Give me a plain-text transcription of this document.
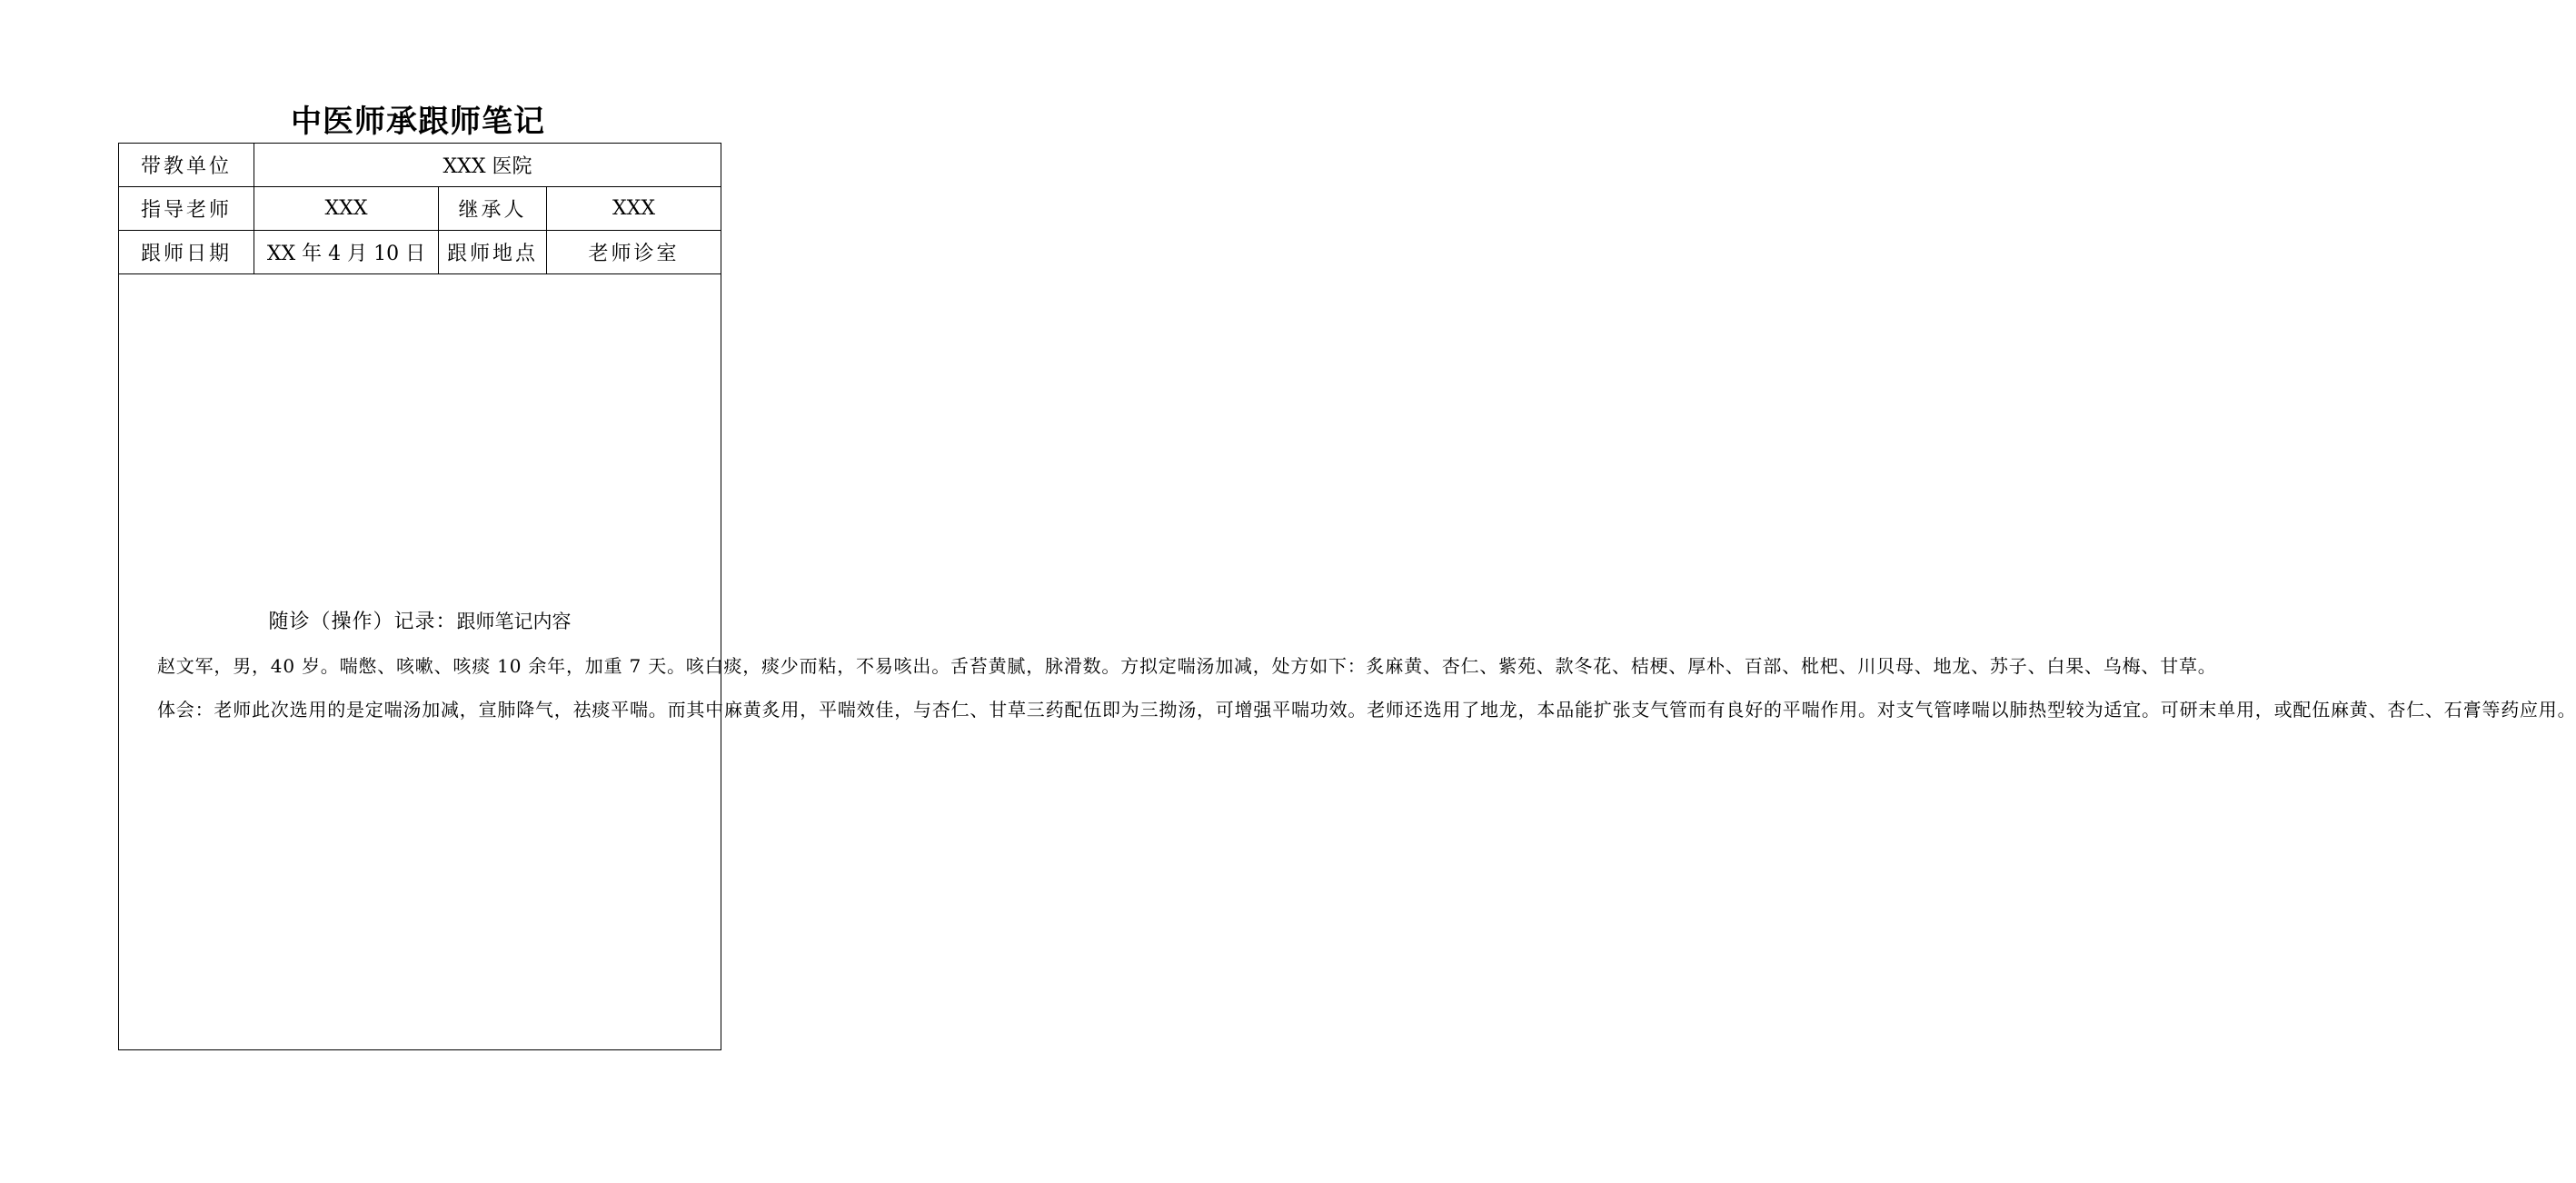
中医师承跟师笔记
带教单位	XXX 医院		
指导老师	XXX	继承人	XXX
跟师日期	XX 年 4 月 10 日	跟师地点	老师诊室

随诊（操作）记录：跟师笔记内容

赵文军，男，40 岁。喘憋、咳嗽、咳痰 10 余年，加重 7 天。咳白痰，痰少而粘，不易咳出。舌苔黄腻，脉滑数。方拟定喘汤加减，处方如下：炙麻黄、杏仁、紫苑、款冬花、桔梗、厚朴、百部、枇杷、川贝母、地龙、苏子、白果、乌梅、甘草。

体会：老师此次选用的是定喘汤加减，宣肺降气，祛痰平喘。而其中麻黄炙用，平喘效佳，与杏仁、甘草三药配伍即为三拗汤，可增强平喘功效。老师还选用了地龙，本品能扩张支气管而有良好的平喘作用。对支气管哮喘以肺热型较为适宜。可研末单用，或配伍麻黄、杏仁、石膏等药应用。			
